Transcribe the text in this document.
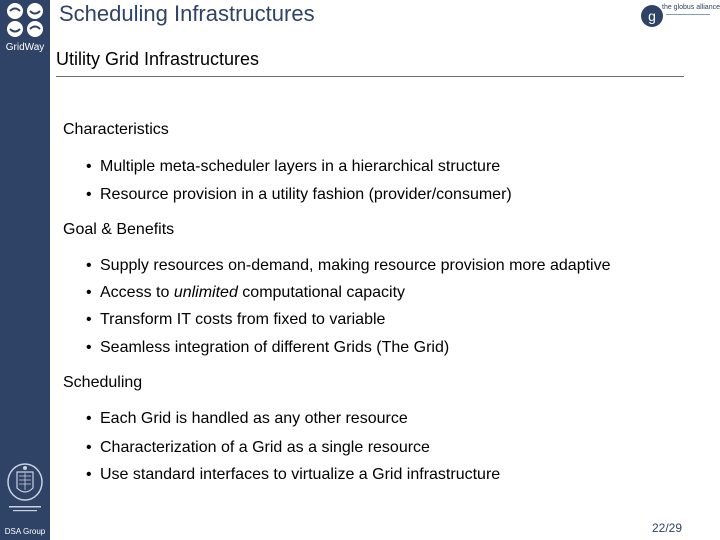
GridWay
DSA Group
Scheduling Infrastructures
Utility Grid Infrastructures
g
the globus alliance
Characteristics
• Multiple meta-scheduler layers in a hierarchical structure
• Resource provision in a utility fashion (provider/consumer)
Goal & Benefits
• Supply resources on-demand, making resource provision more adaptive
• Access to unlimited computational capacity
• Transform IT costs from fixed to variable
• Seamless integration of different Grids (The Grid)
Scheduling
• Each Grid is handled as any other resource
• Characterization of a Grid as a single resource
• Use standard interfaces to virtualize a Grid infrastructure
22/29
